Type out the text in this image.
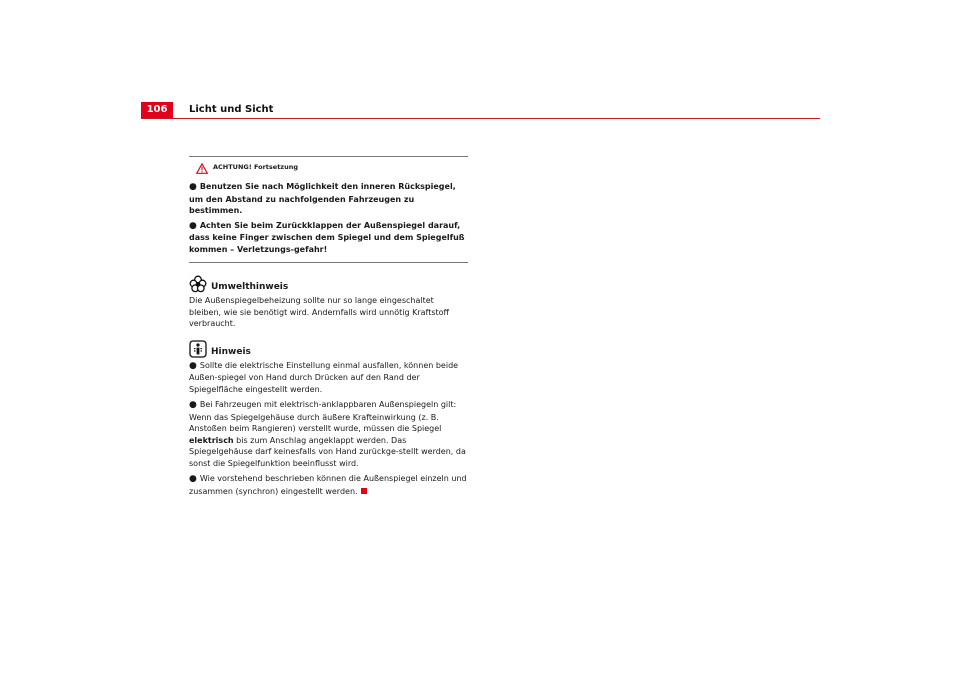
106	Licht und Sicht
ACHTUNG! Fortsetzung
● Benutzen Sie nach Möglichkeit den inneren Rückspiegel, um den Abstand zu nachfolgenden Fahrzeugen zu bestimmen.
● Achten Sie beim Zurückklappen der Außenspiegel darauf, dass keine Finger zwischen dem Spiegel und dem Spiegelfuß kommen – Verletzungs-gefahr!
Umwelthinweis

Die Außenspiegelbeheizung sollte nur so lange eingeschaltet bleiben, wie sie benötigt wird. Andernfalls wird unnötig Kraftstoff verbraucht.

Hinweis

● Sollte die elektrische Einstellung einmal ausfallen, können beide Außen-spiegel von Hand durch Drücken auf den Rand der Spiegelfläche eingestellt werden.

● Bei Fahrzeugen mit elektrisch-anklappbaren Außenspiegeln gilt: Wenn das Spiegelgehäuse durch äußere Krafteinwirkung (z. B. Anstoßen beim Rangieren) verstellt wurde, müssen die Spiegel elektrisch bis zum Anschlag angeklappt werden. Das Spiegelgehäuse darf keinesfalls von Hand zurückge-stellt werden, da sonst die Spiegelfunktion beeinflusst wird.

● Wie vorstehend beschrieben können die Außenspiegel einzeln und zusammen (synchron) eingestellt werden.
